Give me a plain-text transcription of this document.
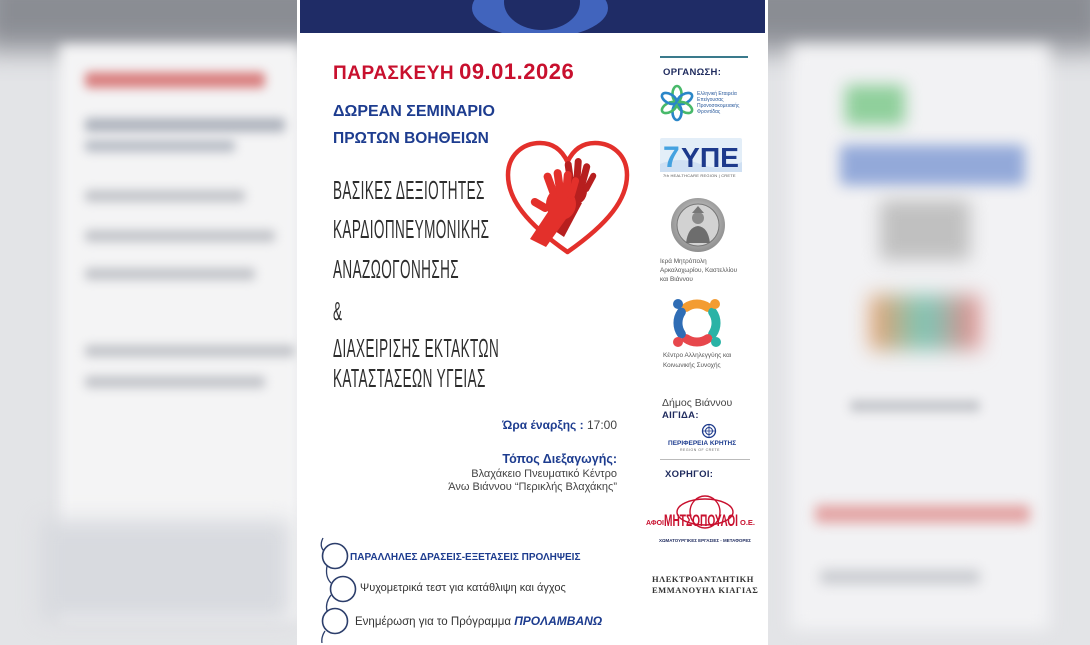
ΠΑΡΑΣΚΕΥΗ 09.01.2026
ΔΩΡΕΑΝ ΣΕΜΙΝΑΡΙΟ
ΠΡΩΤΩΝ ΒΟΗΘΕΙΩΝ
ΒΑΣΙΚΕΣ ΔΕΞΙΟΤΗΤΕΣ
ΚΑΡΔΙΟΠΝΕΥΜΟΝΙΚΗΣ
ΑΝΑΖΩΟΓΟΝΗΣΗΣ
&
ΔΙΑΧΕΙΡΙΣΗΣ ΕΚΤΑΚΤΩΝ
ΚΑΤΑΣΤΑΣΕΩΝ ΥΓΕΙΑΣ
Ώρα έναρξης : 17:00
Τόπος Διεξαγωγής:
Βλαχάκειο Πνευματικό Κέντρο
Άνω Βιάννου “Περικλής Βλαχάκης”
ΠΑΡΑΛΛΗΛΕΣ ΔΡΑΣΕΙΣ-ΕΞΕΤΑΣΕΙΣ ΠΡΟΛΗΨΕΙΣ
Ψυχομετρικά τεστ για κατάθλιψη και άγχος
Ενημέρωση για το Πρόγραμμα ΠΡΟΛΑΜΒΑΝΩ
ΟΡΓΑΝΩΣΗ:
Ελληνική Εταιρεία
Επείγουσας
Προνοσοκομειακής
Φροντίδας
7 ΥΠΕ
7th HEALTHCARE REGION | CRETE
Ιερά Μητρόπολη
Αρκαλοχωρίου, Καστελλίου
και Βιάννου
Κέντρο Αλληλεγγύης και
Κοινωνικής Συνοχής
Δήμος Βιάννου
ΑΙΓΙΔΑ:
ΠΕΡΙΦΕΡΕΙΑ ΚΡΗΤΗΣ
REGION OF CRETE
ΧΟΡΗΓΟΙ:
ΑΦΟΙ ΜΗΤΣΟΠΟΥΛΟΙ Ο.Ε.
ΧΩΜΑΤΟΥΡΓΙΚΕΣ ΕΡΓΑΣΙΕΣ - ΜΕΤΑΦΟΡΕΣ
ΗΛΕΚΤΡΟΑΝΤΛΗΤΙΚΗ
ΕΜΜΑΝΟΥΗΛ ΚΙΑΓΙΑΣ
